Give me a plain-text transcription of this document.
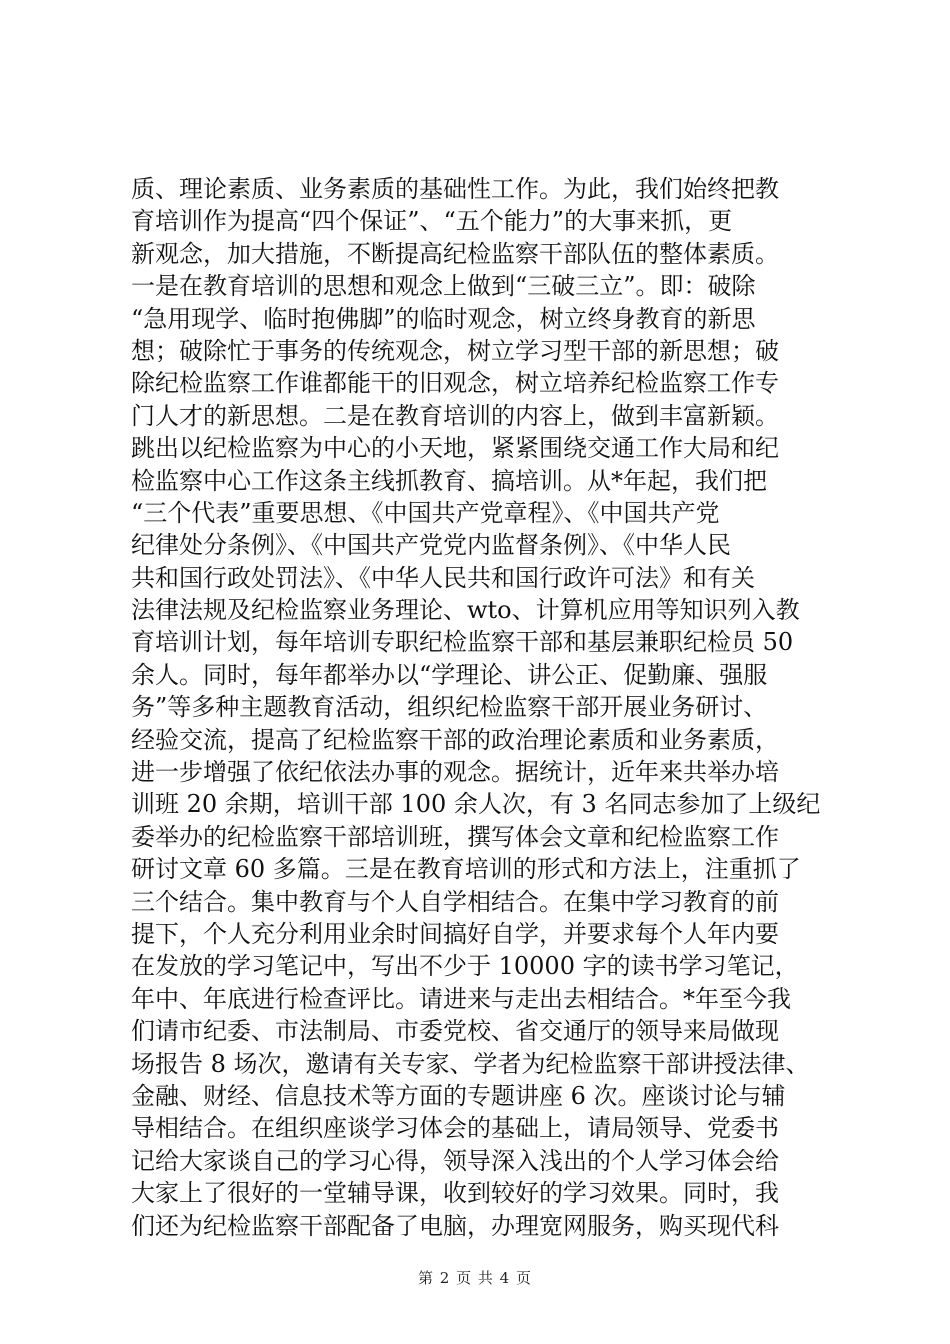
质、理论素质、业务素质的基础性工作。为此，我们始终把教
育培训作为提高“四个保证”、“五个能力”的大事来抓，更
新观念，加大措施，不断提高纪检监察干部队伍的整体素质。
一是在教育培训的思想和观念上做到“三破三立”。即：破除
“急用现学、临时抱佛脚”的临时观念，树立终身教育的新思
想；破除忙于事务的传统观念，树立学习型干部的新思想；破
除纪检监察工作谁都能干的旧观念，树立培养纪检监察工作专
门人才的新思想。二是在教育培训的内容上，做到丰富新颖。
跳出以纪检监察为中心的小天地，紧紧围绕交通工作大局和纪
检监察中心工作这条主线抓教育、搞培训。从*年起，我们把
“三个代表”重要思想、《中国共产党章程》、《中国共产党
纪律处分条例》、《中国共产党党内监督条例》、《中华人民
共和国行政处罚法》、《中华人民共和国行政许可法》和有关
法律法规及纪检监察业务理论、wto、计算机应用等知识列入教
育培训计划，每年培训专职纪检监察干部和基层兼职纪检员 50
余人。同时，每年都举办以“学理论、讲公正、促勤廉、强服
务”等多种主题教育活动，组织纪检监察干部开展业务研讨、
经验交流，提高了纪检监察干部的政治理论素质和业务素质，
进一步增强了依纪依法办事的观念。据统计，近年来共举办培
训班 20 余期，培训干部 100 余人次，有 3 名同志参加了上级纪
委举办的纪检监察干部培训班，撰写体会文章和纪检监察工作
研讨文章 60 多篇。三是在教育培训的形式和方法上，注重抓了
三个结合。集中教育与个人自学相结合。在集中学习教育的前
提下，个人充分利用业余时间搞好自学，并要求每个人年内要
在发放的学习笔记中，写出不少于 10000 字的读书学习笔记，
年中、年底进行检查评比。请进来与走出去相结合。*年至今我
们请市纪委、市法制局、市委党校、省交通厅的领导来局做现
场报告 8 场次，邀请有关专家、学者为纪检监察干部讲授法律、
金融、财经、信息技术等方面的专题讲座 6 次。座谈讨论与辅
导相结合。在组织座谈学习体会的基础上，请局领导、党委书
记给大家谈自己的学习心得，领导深入浅出的个人学习体会给
大家上了很好的一堂辅导课，收到较好的学习效果。同时，我
们还为纪检监察干部配备了电脑，办理宽网服务，购买现代科
第 2 页 共 4 页
